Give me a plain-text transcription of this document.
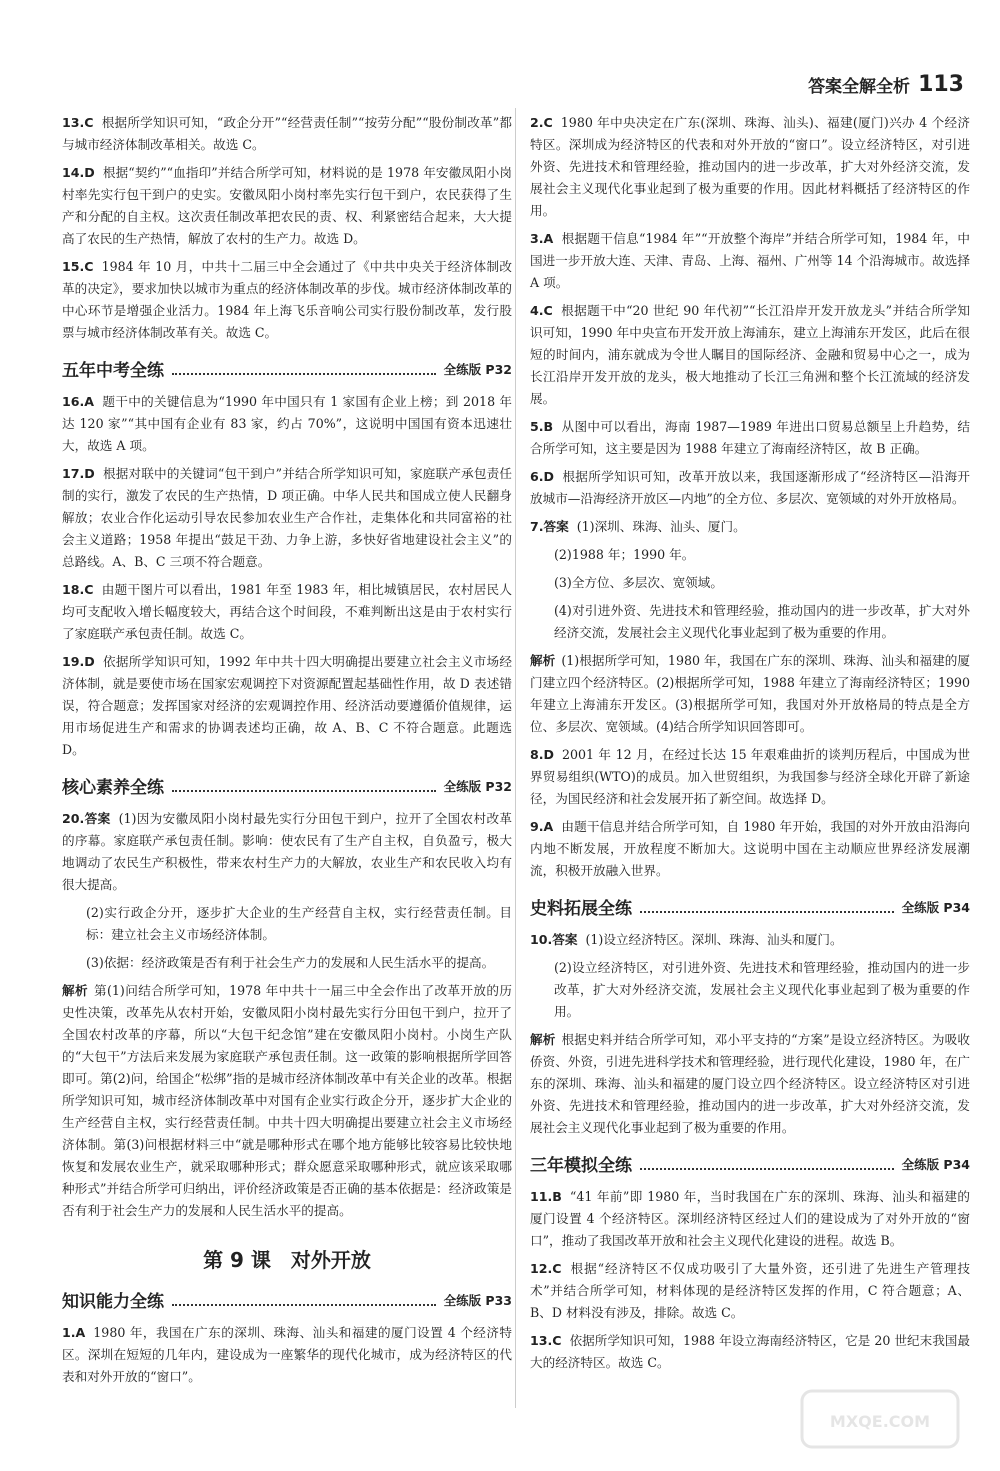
答案全解全析 113
13.C 根据所学知识可知，“政企分开”“经营责任制”“按劳分配”“股份制改革”都与城市经济体制改革相关。故选 C。
14.D 根据“契约”“血指印”并结合所学可知，材料说的是 1978 年安徽凤阳小岗村率先实行包干到户的史实。安徽凤阳小岗村率先实行包干到户，农民获得了生产和分配的自主权。这次责任制改革把农民的责、权、利紧密结合起来，大大提高了农民的生产热情，解放了农村的生产力。故选 D。
15.C 1984 年 10 月，中共十二届三中全会通过了《中共中央关于经济体制改革的决定》，要求加快以城市为重点的经济体制改革的步伐。城市经济体制改革的中心环节是增强企业活力。1984 年上海飞乐音响公司实行股份制改革，发行股票与城市经济体制改革有关。故选 C。
五年中考全练	全练版 P32
16.A 题干中的关键信息为“1990 年中国只有 1 家国有企业上榜；到 2018 年达 120 家”“其中国有企业有 83 家，约占 70%”，这说明中国国有资本迅速壮大，故选 A 项。
17.D 根据对联中的关键词“包干到户”并结合所学知识可知，家庭联产承包责任制的实行，激发了农民的生产热情，D 项正确。中华人民共和国成立使人民翻身解放；农业合作化运动引导农民参加农业生产合作社，走集体化和共同富裕的社会主义道路；1958 年提出“鼓足干劲、力争上游，多快好省地建设社会主义”的总路线。A、B、C 三项不符合题意。
18.C 由题干图片可以看出，1981 年至 1983 年，相比城镇居民，农村居民人均可支配收入增长幅度较大，再结合这个时间段，不难判断出这是由于农村实行了家庭联产承包责任制。故选 C。
19.D 依据所学知识可知，1992 年中共十四大明确提出要建立社会主义市场经济体制，就是要使市场在国家宏观调控下对资源配置起基础性作用，故 D 表述错误，符合题意；发挥国家对经济的宏观调控作用、经济活动要遵循价值规律，运用市场促进生产和需求的协调表述均正确，故 A、B、C 不符合题意。此题选 D。
核心素养全练	全练版 P32
20.答案 (1)因为安徽凤阳小岗村最先实行分田包干到户，拉开了全国农村改革的序幕。家庭联产承包责任制。影响：使农民有了生产自主权，自负盈亏，极大地调动了农民生产积极性，带来农村生产力的大解放，农业生产和农民收入均有很大提高。
(2)实行政企分开，逐步扩大企业的生产经营自主权，实行经营责任制。目标：建立社会主义市场经济体制。
(3)依据：经济政策是否有利于社会生产力的发展和人民生活水平的提高。
解析 第(1)问结合所学可知，1978 年中共十一届三中全会作出了改革开放的历史性决策，改革先从农村开始，安徽凤阳小岗村最先实行分田包干到户，拉开了全国农村改革的序幕，所以“大包干纪念馆”建在安徽凤阳小岗村。小岗生产队的“大包干”方法后来发展为家庭联产承包责任制。这一政策的影响根据所学回答即可。第(2)问，给国企“松绑”指的是城市经济体制改革中有关企业的改革。根据所学知识可知，城市经济体制改革中对国有企业实行政企分开，逐步扩大企业的生产经营自主权，实行经营责任制。中共十四大明确提出要建立社会主义市场经济体制。第(3)问根据材料三中“就是哪种形式在哪个地方能够比较容易比较快地恢复和发展农业生产，就采取哪种形式；群众愿意采取哪种形式，就应该采取哪种形式”并结合所学可归纳出，评价经济政策是否正确的基本依据是：经济政策是否有利于社会生产力的发展和人民生活水平的提高。
第 9 课　对外开放
知识能力全练	全练版 P33
1.A 1980 年，我国在广东的深圳、珠海、汕头和福建的厦门设置 4 个经济特区。深圳在短短的几年内，建设成为一座繁华的现代化城市，成为经济特区的代表和对外开放的“窗口”。
2.C 1980 年中央决定在广东(深圳、珠海、汕头)、福建(厦门)兴办 4 个经济特区。深圳成为经济特区的代表和对外开放的“窗口”。设立经济特区，对引进外资、先进技术和管理经验，推动国内的进一步改革，扩大对外经济交流，发展社会主义现代化事业起到了极为重要的作用。因此材料概括了经济特区的作用。
3.A 根据题干信息“1984 年”“开放整个海岸”并结合所学可知，1984 年，中国进一步开放大连、天津、青岛、上海、福州、广州等 14 个沿海城市。故选择 A 项。
4.C 根据题干中“20 世纪 90 年代初”“长江沿岸开发开放龙头”并结合所学知识可知，1990 年中央宣布开发开放上海浦东，建立上海浦东开发区，此后在很短的时间内，浦东就成为令世人瞩目的国际经济、金融和贸易中心之一，成为长江沿岸开发开放的龙头，极大地推动了长江三角洲和整个长江流域的经济发展。
5.B 从图中可以看出，海南 1987—1989 年进出口贸易总额呈上升趋势，结合所学可知，这主要是因为 1988 年建立了海南经济特区，故 B 正确。
6.D 根据所学知识可知，改革开放以来，我国逐渐形成了“经济特区—沿海开放城市—沿海经济开放区—内地”的全方位、多层次、宽领域的对外开放格局。
7.答案 (1)深圳、珠海、汕头、厦门。
(2)1988 年；1990 年。
(3)全方位、多层次、宽领域。
(4)对引进外资、先进技术和管理经验，推动国内的进一步改革，扩大对外经济交流，发展社会主义现代化事业起到了极为重要的作用。
解析 (1)根据所学可知，1980 年，我国在广东的深圳、珠海、汕头和福建的厦门建立四个经济特区。(2)根据所学可知，1988 年建立了海南经济特区；1990 年建立上海浦东开发区。(3)根据所学可知，我国对外开放格局的特点是全方位、多层次、宽领域。(4)结合所学知识回答即可。
8.D 2001 年 12 月，在经过长达 15 年艰难曲折的谈判历程后，中国成为世界贸易组织(WTO)的成员。加入世贸组织，为我国参与经济全球化开辟了新途径，为国民经济和社会发展开拓了新空间。故选择 D。
9.A 由题干信息并结合所学可知，自 1980 年开始，我国的对外开放由沿海向内地不断发展，开放程度不断加大。这说明中国在主动顺应世界经济发展潮流，积极开放融入世界。
史料拓展全练	全练版 P34
10.答案 (1)设立经济特区。深圳、珠海、汕头和厦门。
(2)设立经济特区，对引进外资、先进技术和管理经验，推动国内的进一步改革，扩大对外经济交流，发展社会主义现代化事业起到了极为重要的作用。
解析 根据史料并结合所学可知，邓小平支持的“方案”是设立经济特区。为吸收侨资、外资，引进先进科学技术和管理经验，进行现代化建设，1980 年，在广东的深圳、珠海、汕头和福建的厦门设立四个经济特区。设立经济特区对引进外资、先进技术和管理经验，推动国内的进一步改革，扩大对外经济交流，发展社会主义现代化事业起到了极为重要的作用。
三年模拟全练	全练版 P34
11.B “41 年前”即 1980 年，当时我国在广东的深圳、珠海、汕头和福建的厦门设置 4 个经济特区。深圳经济特区经过人们的建设成为了对外开放的“窗口”，推动了我国改革开放和社会主义现代化建设的进程。故选 B。
12.C 根据“经济特区不仅成功吸引了大量外资，还引进了先进生产管理技术”并结合所学可知，材料体现的是经济特区发挥的作用，C 符合题意；A、B、D 材料没有涉及，排除。故选 C。
13.C 依据所学知识可知，1988 年设立海南经济特区，它是 20 世纪末我国最大的经济特区。故选 C。
MXQE.COM
